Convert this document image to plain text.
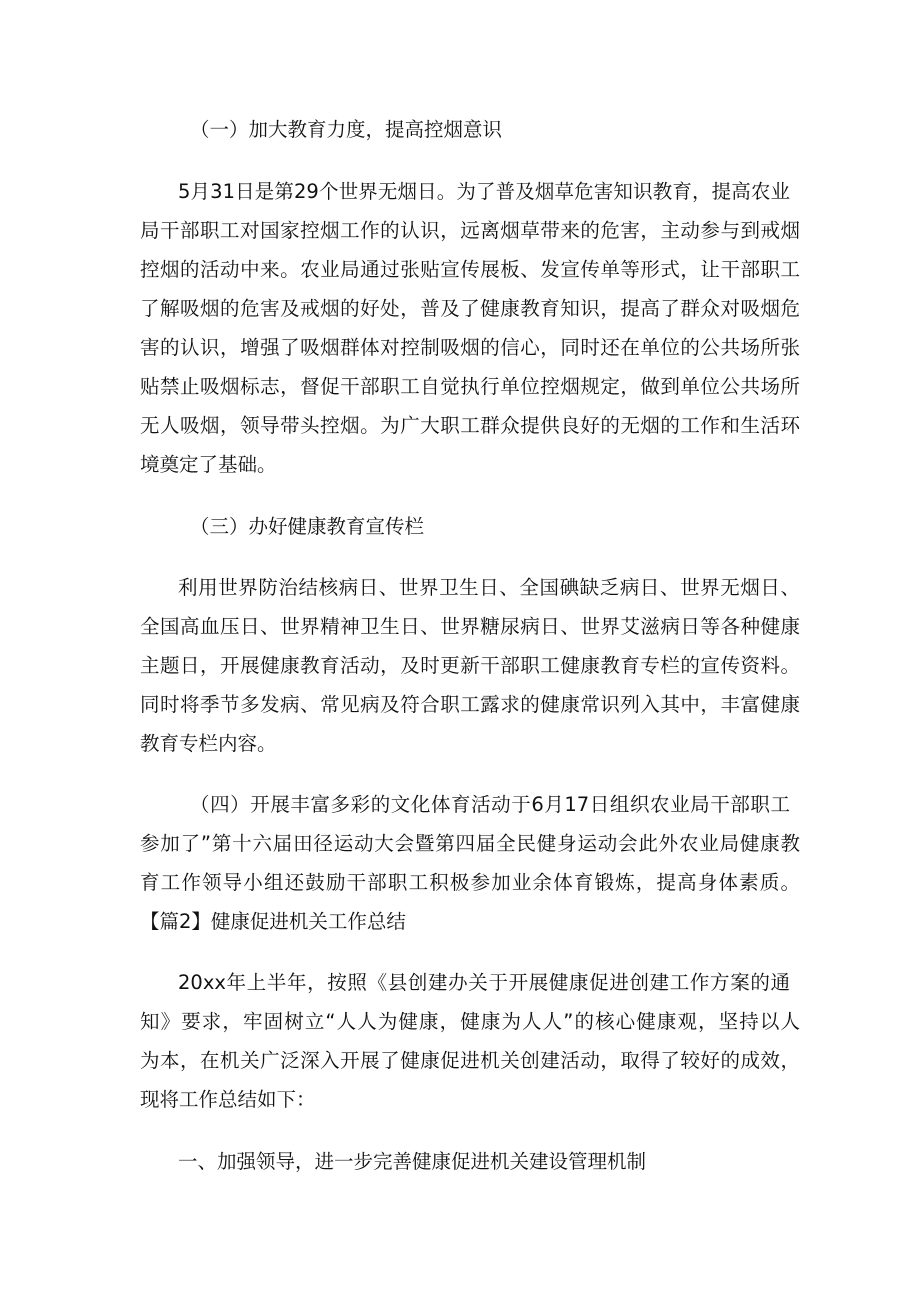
（一）加大教育力度，提高控烟意识
5月31日是第29个世界无烟日。为了普及烟草危害知识教育，提高农业
局干部职工对国家控烟工作的认识，远离烟草带来的危害，主动参与到戒烟
控烟的活动中来。农业局通过张贴宣传展板、发宣传单等形式，让干部职工
了解吸烟的危害及戒烟的好处，普及了健康教育知识，提高了群众对吸烟危
害的认识，增强了吸烟群体对控制吸烟的信心，同时还在单位的公共场所张
贴禁止吸烟标志，督促干部职工自觉执行单位控烟规定，做到单位公共场所
无人吸烟，领导带头控烟。为广大职工群众提供良好的无烟的工作和生活环
境奠定了基础。
（三）办好健康教育宣传栏
利用世界防治结核病日、世界卫生日、全国碘缺乏病日、世界无烟日、
全国高血压日、世界精神卫生日、世界糖尿病日、世界艾滋病日等各种健康
主题日，开展健康教育活动，及时更新干部职工健康教育专栏的宣传资料。
同时将季节多发病、常见病及符合职工露求的健康常识列入其中，丰富健康
教育专栏内容。
（四）开展丰富多彩的文化体育活动于6月17日组织农业局干部职工
参加了”第十六届田径运动大会暨第四届全民健身运动会此外农业局健康教
育工作领导小组还鼓励干部职工积极参加业余体育锻炼，提高身体素质。
【篇2】健康促进机关工作总结
20xx年上半年，按照《县创建办关于开展健康促进创建工作方案的通
知》要求，牢固树立“人人为健康，健康为人人”的核心健康观，坚持以人
为本，在机关广泛深入开展了健康促进机关创建活动，取得了较好的成效，
现将工作总结如下：
一、加强领导，进一步完善健康促进机关建设管理机制
